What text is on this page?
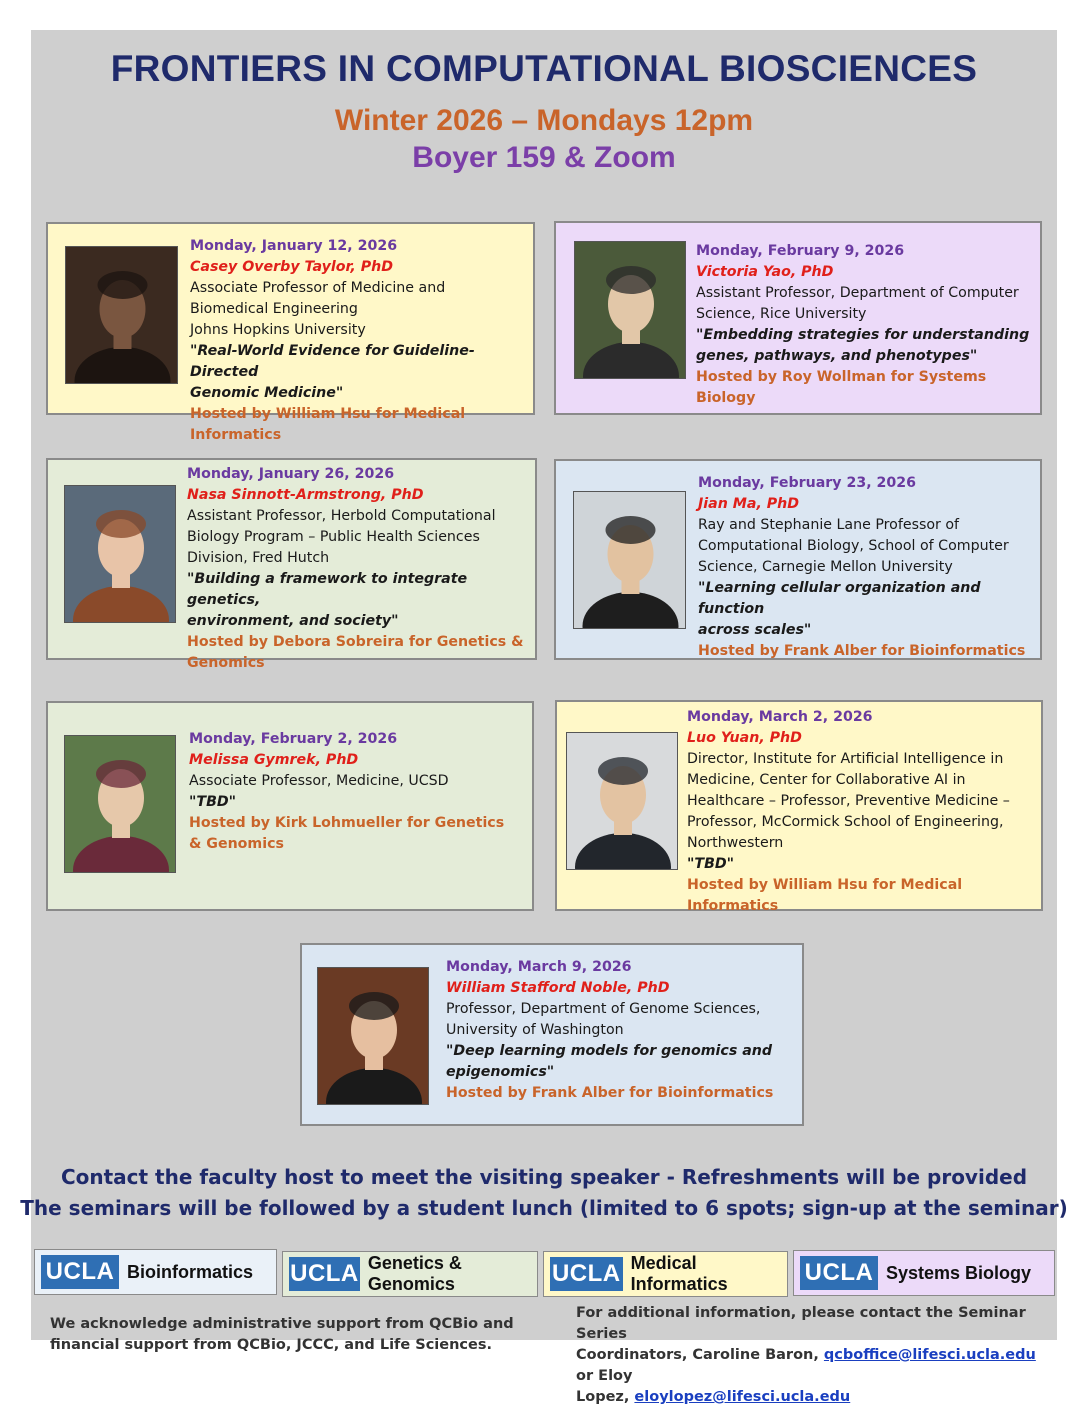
FRONTIERS IN COMPUTATIONAL BIOSCIENCES
Winter 2026 – Mondays 12pm
Boyer 159 & Zoom
Monday, January 12, 2026
Casey Overby Taylor, PhD
Associate Professor of Medicine and
Biomedical Engineering
Johns Hopkins University
"Real-World Evidence for Guideline-Directed
Genomic Medicine"
Hosted by William Hsu for Medical Informatics
Monday, February 9, 2026
Victoria Yao, PhD
Assistant Professor, Department of Computer
Science, Rice University
"Embedding strategies for understanding
genes, pathways, and phenotypes"
Hosted by Roy Wollman for Systems Biology
Monday, January 26, 2026
Nasa Sinnott-Armstrong, PhD
Assistant Professor, Herbold Computational
Biology Program – Public Health Sciences
Division, Fred Hutch
"Building a framework to integrate genetics,
environment, and society"
Hosted by Debora Sobreira for Genetics &
Genomics
Monday, February 23, 2026
Jian Ma, PhD
Ray and Stephanie Lane Professor of
Computational Biology, School of Computer
Science, Carnegie Mellon University
"Learning cellular organization and function
across scales"
Hosted by Frank Alber for Bioinformatics
Monday, February 2, 2026
Melissa Gymrek, PhD
Associate Professor, Medicine, UCSD
"TBD"
Hosted by Kirk Lohmueller for Genetics
& Genomics
Monday, March 2, 2026
Luo Yuan, PhD
Director, Institute for Artificial Intelligence in
Medicine, Center for Collaborative AI in
Healthcare – Professor, Preventive Medicine –
Professor, McCormick School of Engineering,
Northwestern
"TBD"
Hosted by William Hsu for Medical Informatics
Monday, March 9, 2026
William Stafford Noble, PhD
Professor, Department of Genome Sciences,
University of Washington
"Deep learning models for genomics and
epigenomics"
Hosted by Frank Alber for Bioinformatics
Contact the faculty host to meet the visiting speaker - Refreshments will be provided
The seminars will be followed by a student lunch (limited to 6 spots; sign-up at the seminar)
UCLA Bioinformatics UCLA Genetics & Genomics	UCLA Medical Informatics	UCLA Systems Biology
We acknowledge administrative support from QCBio and
financial support from QCBio, JCCC, and Life Sciences.
For additional information, please contact the Seminar Series
Coordinators, Caroline Baron, qcboffice@lifesci.ucla.edu or Eloy
Lopez, eloylopez@lifesci.ucla.edu
